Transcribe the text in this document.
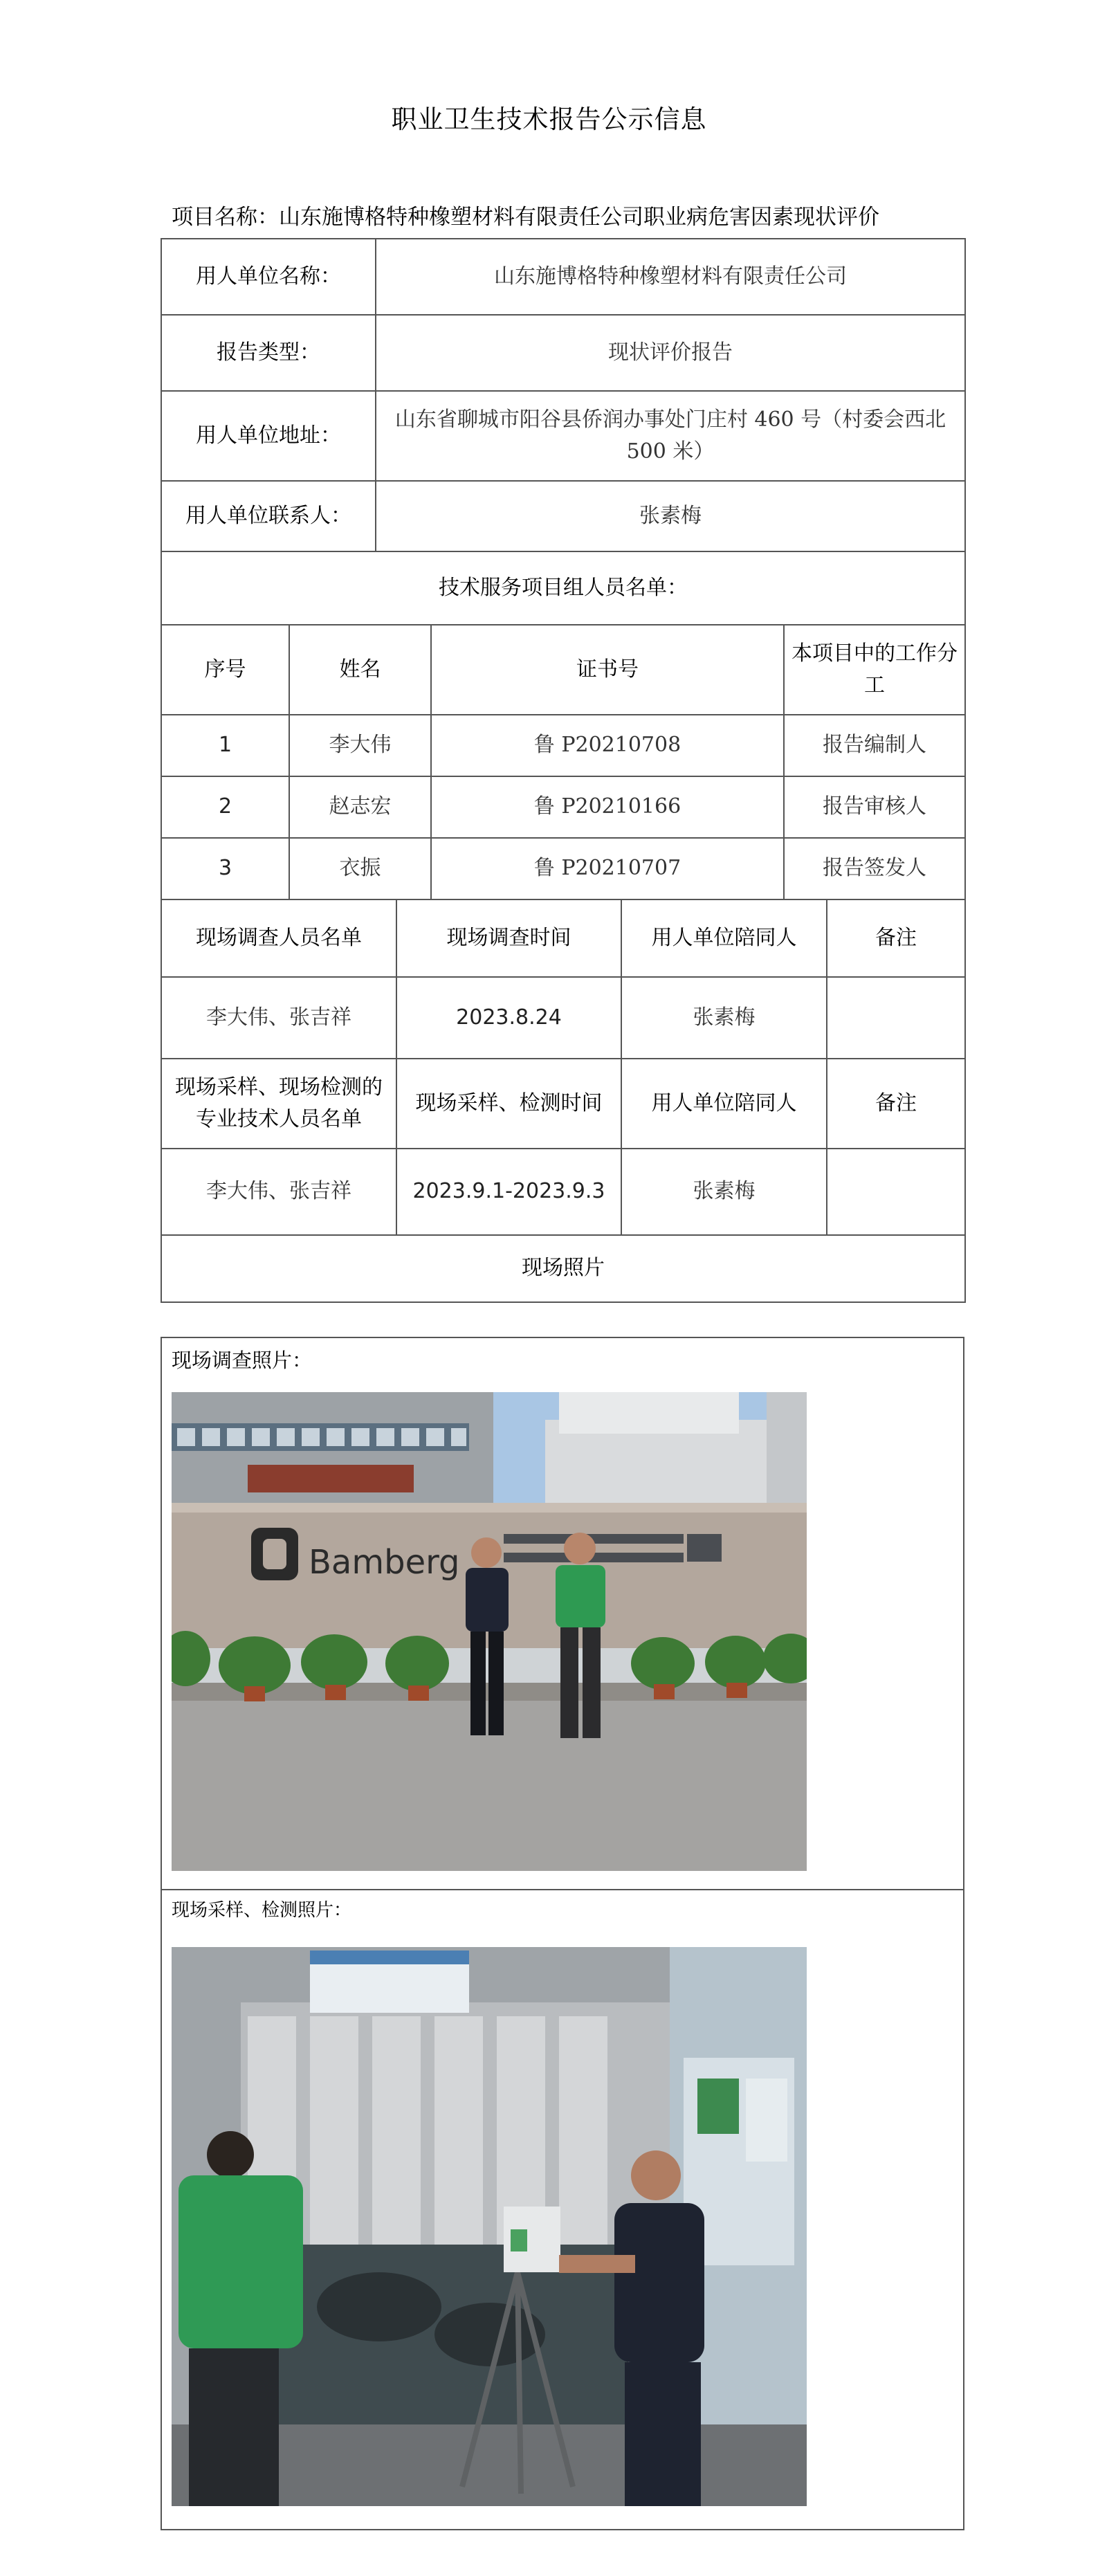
职业卫生技术报告公示信息
项目名称：山东施博格特种橡塑材料有限责任公司职业病危害因素现状评价
用人单位名称：	山东施博格特种橡塑材料有限责任公司
报告类型：	现状评价报告
用人单位地址：	山东省聊城市阳谷县侨润办事处门庄村 460 号（村委会西北 500 米）
用人单位联系人：	张素梅
技术服务项目组人员名单：			
序号	姓名	证书号	本项目中的工作分工
1	李大伟	鲁 P20210708	报告编制人
2	赵志宏	鲁 P20210166	报告审核人
3	衣振	鲁 P20210707	报告签发人
现场调查人员名单	现场调查时间	用人单位陪同人	备注
李大伟、张吉祥	2023.8.24	张素梅	
现场采样、现场检测的专业技术人员名单	现场采样、检测时间	用人单位陪同人	备注
李大伟、张吉祥	2023.9.1-2023.9.3	张素梅	
现场照片			
现场调查照片：
Bamberg
现场采样、检测照片：
